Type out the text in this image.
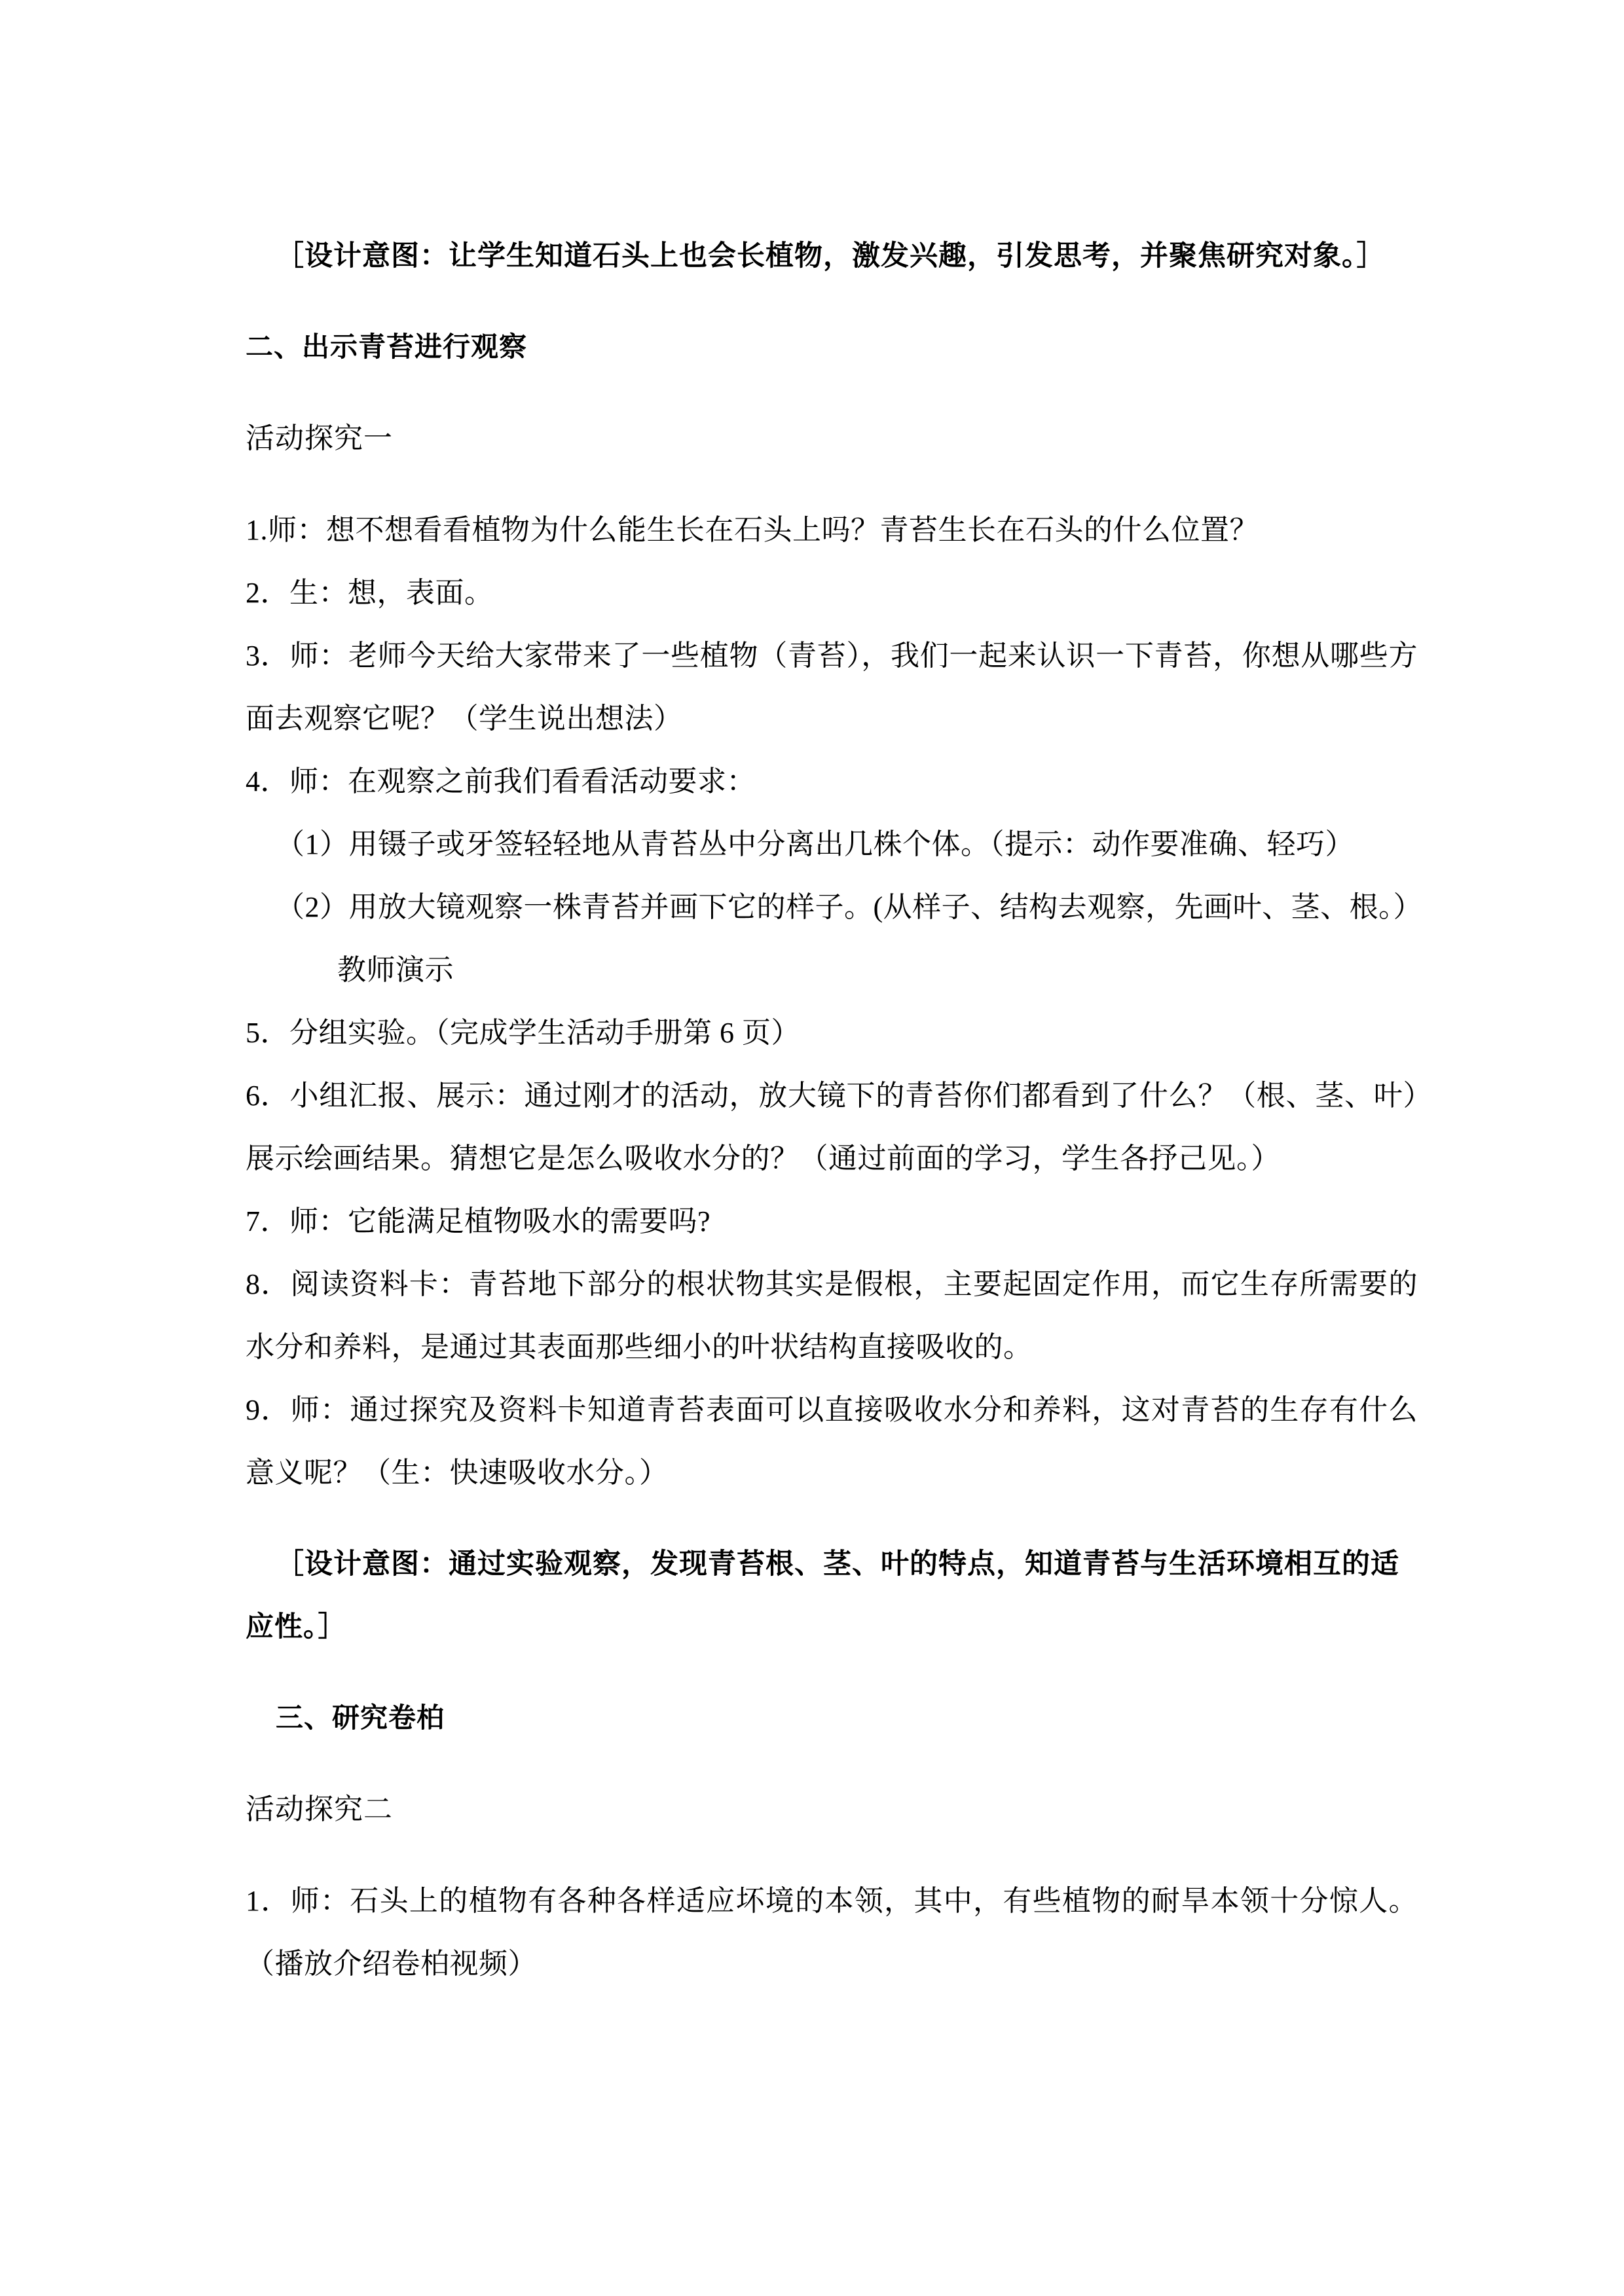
［设计意图：让学生知道石头上也会长植物，激发兴趣，引发思考，并聚焦研究对象。］

二、出示青苔进行观察

活动探究一

1.师：想不想看看植物为什么能生长在石头上吗？青苔生长在石头的什么位置？

2．生：想，表面。

3．师：老师今天给大家带来了一些植物（青苔），我们一起来认识一下青苔，你想从哪些方面去观察它呢？（学生说出想法）

4．师：在观察之前我们看看活动要求：

（1）用镊子或牙签轻轻地从青苔丛中分离出几株个体。（提示：动作要准确、轻巧）

（2）用放大镜观察一株青苔并画下它的样子。(从样子、结构去观察，先画叶、茎、根。）

教师演示

5．分组实验。（完成学生活动手册第 6 页）

6．小组汇报、展示：通过刚才的活动，放大镜下的青苔你们都看到了什么？（根、茎、叶）展示绘画结果。猜想它是怎么吸收水分的？（通过前面的学习，学生各抒己见。）

7．师：它能满足植物吸水的需要吗?

8．阅读资料卡：青苔地下部分的根状物其实是假根，主要起固定作用，而它生存所需要的水分和养料，是通过其表面那些细小的叶状结构直接吸收的。

9．师：通过探究及资料卡知道青苔表面可以直接吸收水分和养料，这对青苔的生存有什么意义呢？（生：快速吸收水分。）

［设计意图：通过实验观察，发现青苔根、茎、叶的特点，知道青苔与生活环境相互的适应性。］

三、研究卷柏

活动探究二

1．师：石头上的植物有各种各样适应坏境的本领，其中，有些植物的耐旱本领十分惊人。（播放介绍卷柏视频）
